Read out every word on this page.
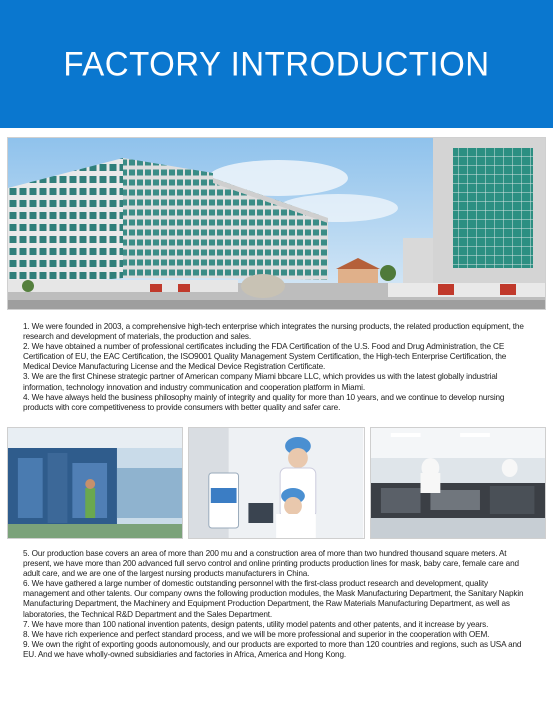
FACTORY INTRODUCTION

1. We were founded in 2003, a comprehensive high-tech enterprise which integrates the nursing products, the related production equipment, the research and development of materials, the production and sales.

2. We have obtained a number of professional certificates including the FDA Certification of the U.S. Food and Drug Administration, the CE Certification of EU, the EAC Certification, the ISO9001 Quality Management System Certification, the High-tech Enterprise Certification, the Medical Device Manufacturing License and the Medical Device Registration Certificate.

3. We are the first Chinese strategic partner of American company Miami bbcare LLC, which provides us with the latest globally industrial information, technology innovation and industry communication and cooperation platform in Miami.

4. We have always held the business philosophy mainly of integrity and quality for more than 10 years, and we continue to develop nursing products with core competitiveness to provide consumers with better quality and safer care.

5. Our production base covers an area of more than 200 mu and a construction area of more than two hundred thousand square meters. At present, we have more than 200 advanced full servo control and online printing products production lines for mask, baby care, female care and adult care, and we are one of the largest nursing products manufacturers in China.

6. We have gathered a large number of domestic outstanding personnel with the first-class product research and development, quality management and other talents. Our company owns the following production modules, the Mask Manufacturing Department, the Sanitary Napkin Manufacturing Department, the Machinery and Equipment Production Department, the Raw Materials Manufacturing Department, as well as laboratories, the Technical R&D Department and the Sales Department.

7. We have more than 100 national invention patents, design patents, utility model patents and other patents, and it increase by years.

8. We have rich experience and perfect standard process, and we will be more professional and superior in the cooperation with OEM.

9. We own the right of exporting goods autonomously, and our products are exported to more than 120 countries and regions, such as USA and EU. And we have wholly-owned subsidiaries and factories in Africa, America and Hong Kong.
